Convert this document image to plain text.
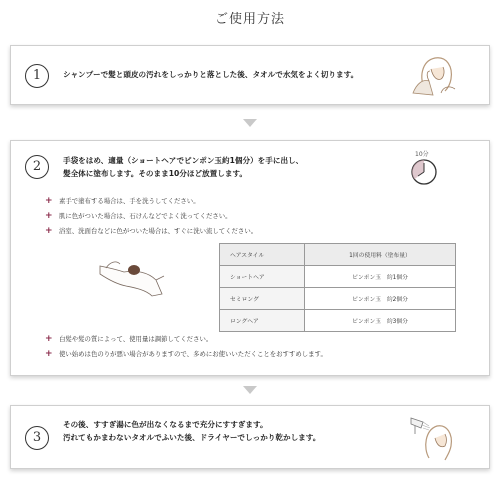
ご使用方法
1	シャンプーで髪と頭皮の汚れをしっかりと落とした後、タオルで水気をよく切ります。
2	手袋をはめ、適量（ショートヘアでピンポン玉約1個分）を手に出し、
髪全体に塗布します。そのまま10分ほど放置します。
10分
+ 素手で塗布する場合は、手を洗うしてください。
+ 肌に色がついた場合は、石けんなどでよく洗ってください。
+ 浴室、洗面台などに色がついた場合は、すぐに洗い流してください。
+ 白髪や髪の質によって、使用量は調節してください。
+ 使い始めは色のりが悪い場合がありますので、多めにお使いいただくことをおすすめします。
ヘアスタイル	1回の使用料（塗布量）
ショートヘア	ピンポン玉　約1個分
セミロング	ピンポン玉　約2個分
ロングヘア	ピンポン玉　約3個分
3
その後、すすぎ湯に色が出なくなるまで充分にすすぎます。
汚れてもかまわないタオルでふいた後、ドライヤーでしっかり乾かします。
